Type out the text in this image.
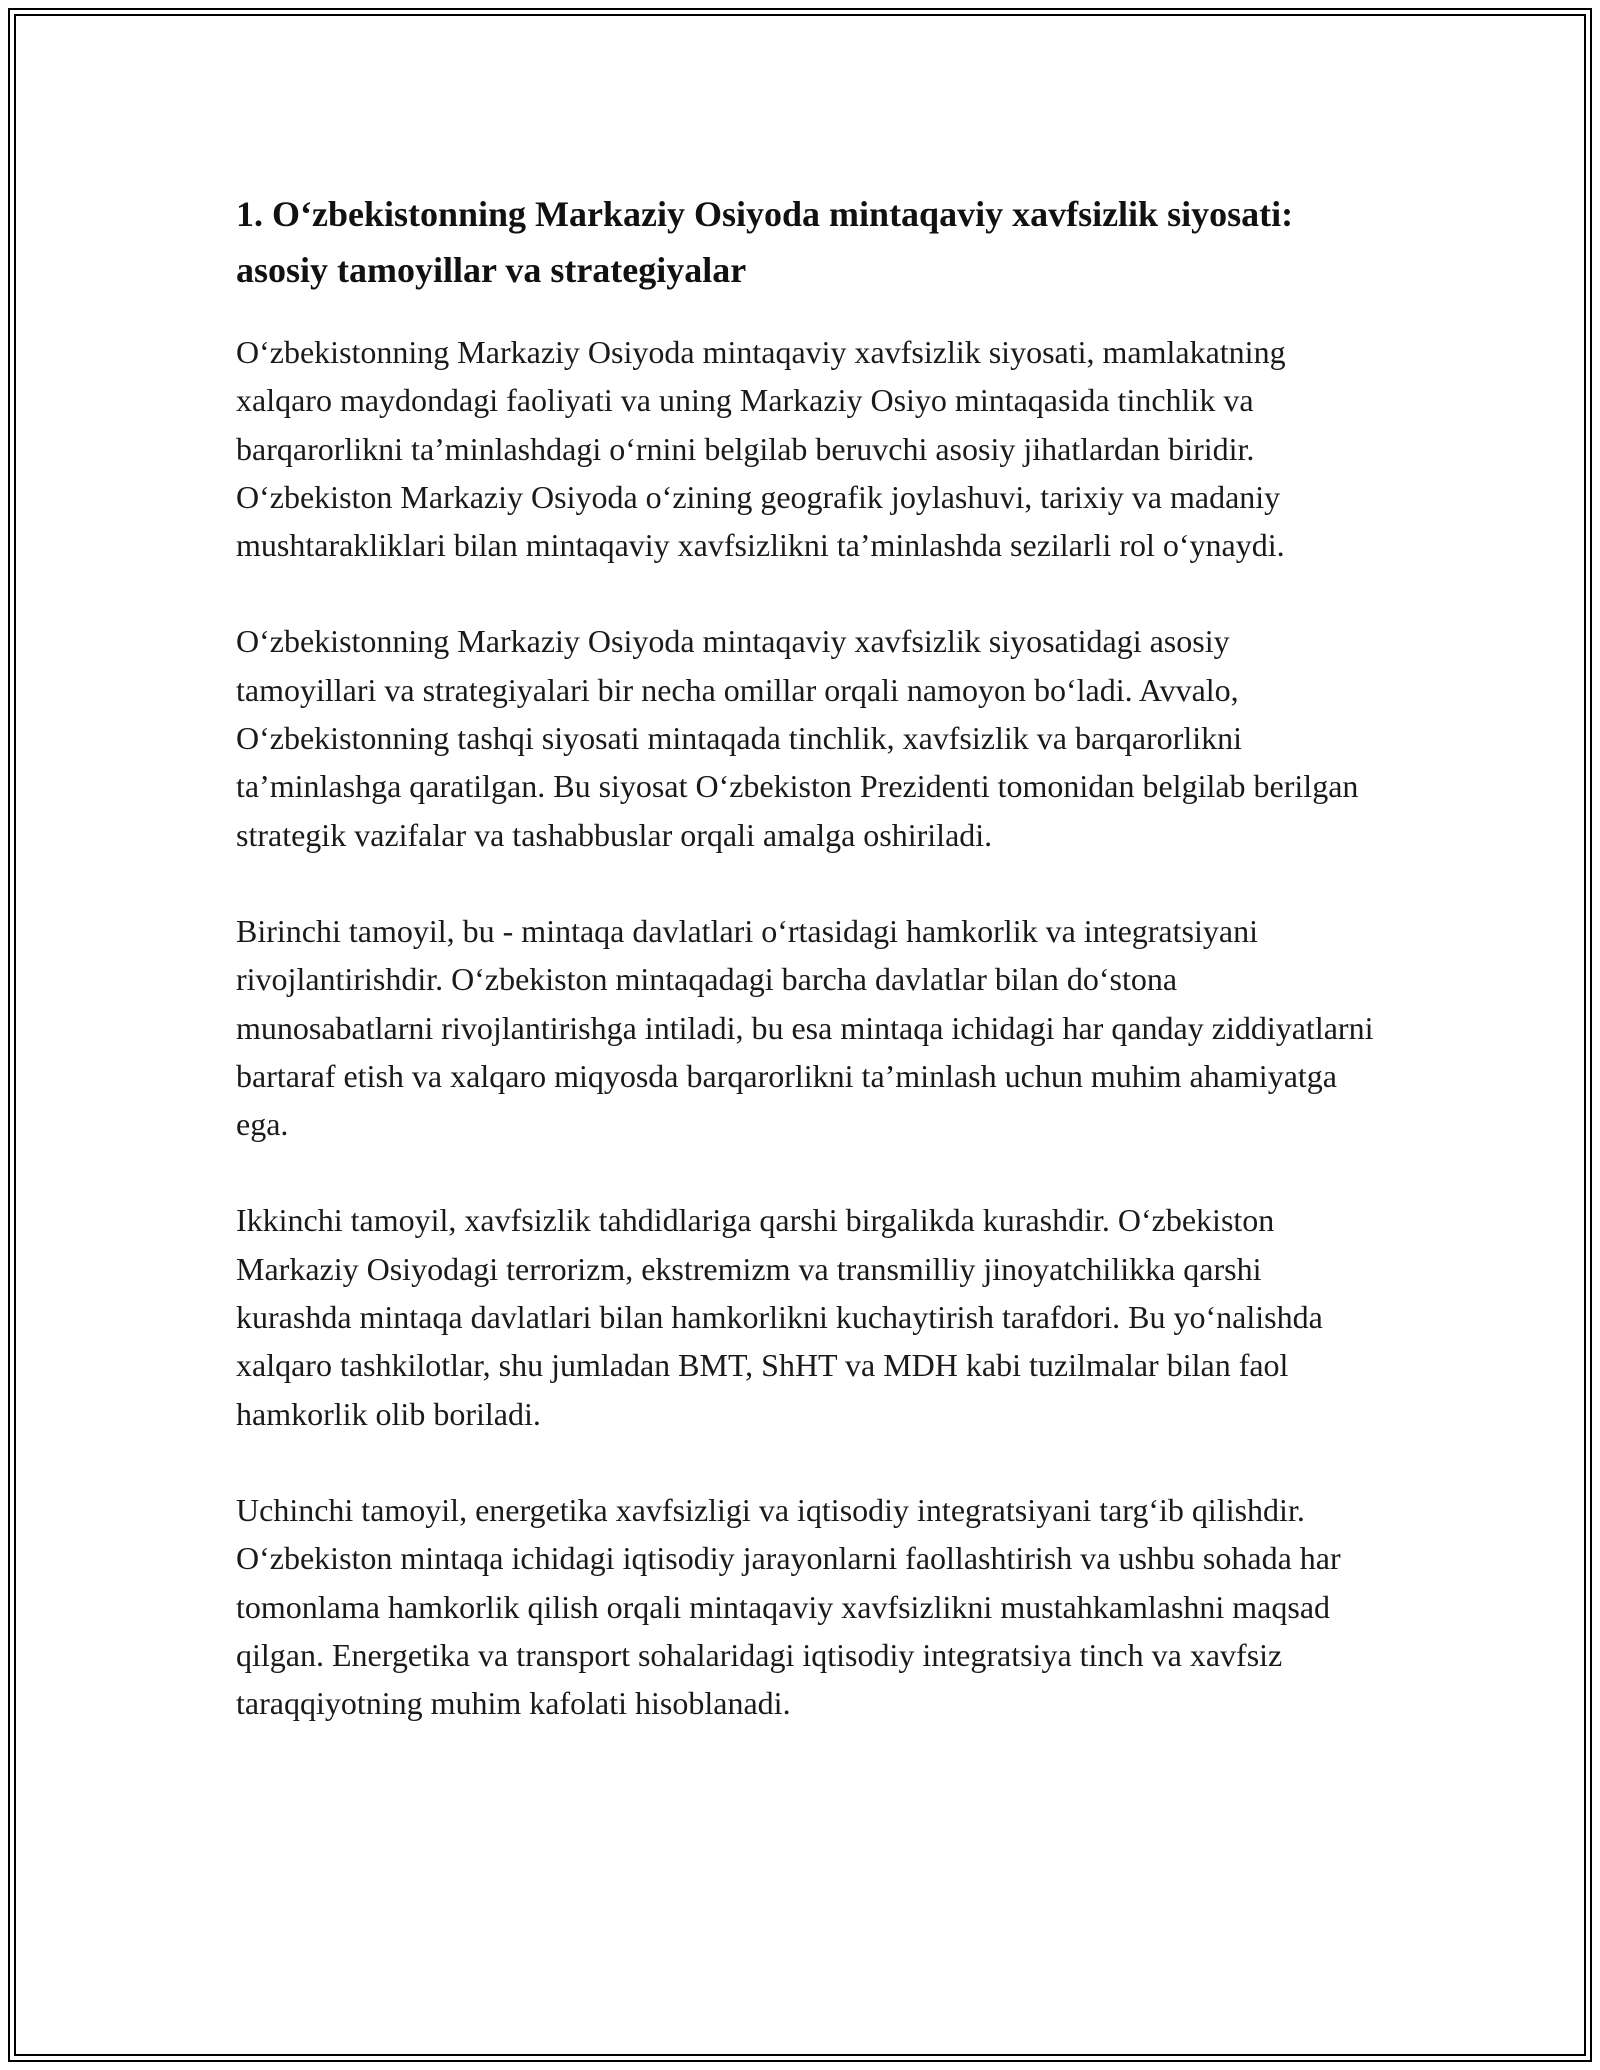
1. O‘zbekistonning Markaziy Osiyoda mintaqaviy xavfsizlik siyosati: asosiy tamoyillar va strategiyalar

O‘zbekistonning Markaziy Osiyoda mintaqaviy xavfsizlik siyosati, mamlakatning xalqaro maydondagi faoliyati va uning Markaziy Osiyo mintaqasida tinchlik va barqarorlikni ta’minlashdagi o‘rnini belgilab beruvchi asosiy jihatlardan biridir. O‘zbekiston Markaziy Osiyoda o‘zining geografik joylashuvi, tarixiy va madaniy mushtarakliklari bilan mintaqaviy xavfsizlikni ta’minlashda sezilarli rol o‘ynaydi.

O‘zbekistonning Markaziy Osiyoda mintaqaviy xavfsizlik siyosatidagi asosiy tamoyillari va strategiyalari bir necha omillar orqali namoyon bo‘ladi. Avvalo, O‘zbekistonning tashqi siyosati mintaqada tinchlik, xavfsizlik va barqarorlikni ta’minlashga qaratilgan. Bu siyosat O‘zbekiston Prezidenti tomonidan belgilab berilgan strategik vazifalar va tashabbuslar orqali amalga oshiriladi.

Birinchi tamoyil, bu - mintaqa davlatlari o‘rtasidagi hamkorlik va integratsiyani rivojlantirishdir. O‘zbekiston mintaqadagi barcha davlatlar bilan do‘stona munosabatlarni rivojlantirishga intiladi, bu esa mintaqa ichidagi har qanday ziddiyatlarni bartaraf etish va xalqaro miqyosda barqarorlikni ta’minlash uchun muhim ahamiyatga ega.

Ikkinchi tamoyil, xavfsizlik tahdidlariga qarshi birgalikda kurashdir. O‘zbekiston Markaziy Osiyodagi terrorizm, ekstremizm va transmilliy jinoyatchilikka qarshi kurashda mintaqa davlatlari bilan hamkorlikni kuchaytirish tarafdori. Bu yo‘nalishda xalqaro tashkilotlar, shu jumladan BMT, ShHT va MDH kabi tuzilmalar bilan faol hamkorlik olib boriladi.

Uchinchi tamoyil, energetika xavfsizligi va iqtisodiy integratsiyani targ‘ib qilishdir. O‘zbekiston mintaqa ichidagi iqtisodiy jarayonlarni faollashtirish va ushbu sohada har tomonlama hamkorlik qilish orqali mintaqaviy xavfsizlikni mustahkamlashni maqsad qilgan. Energetika va transport sohalaridagi iqtisodiy integratsiya tinch va xavfsiz taraqqiyotning muhim kafolati hisoblanadi.
